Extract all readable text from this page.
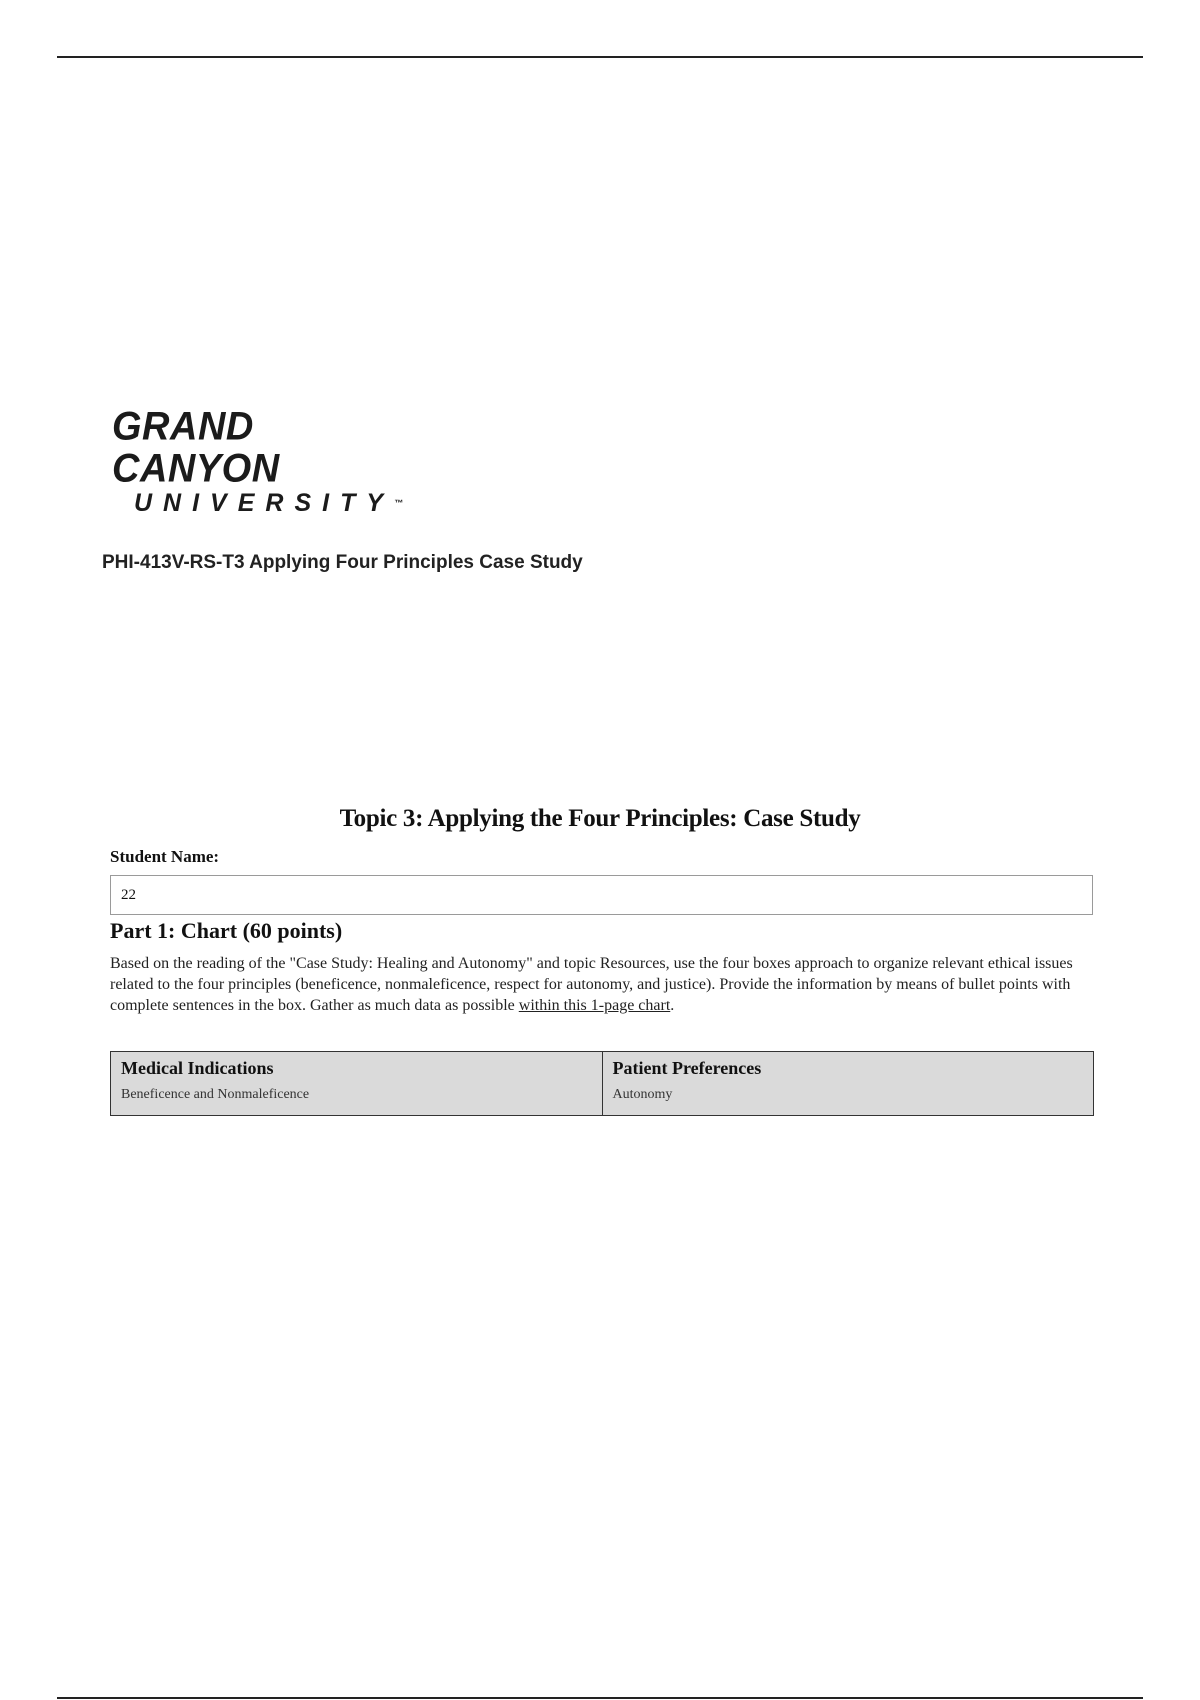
GRAND CANYON
UNIVERSITY™
PHI-413V-RS-T3 Applying Four Principles Case Study
Topic 3: Applying the Four Principles: Case Study
Student Name:
22
Part 1: Chart (60 points)
Based on the reading of the "Case Study: Healing and Autonomy" and topic Resources, use the four boxes approach to organize relevant ethical issues related to the four principles (beneficence, nonmaleficence, respect for autonomy, and justice). Provide the information by means of bullet points with complete sentences in the box. Gather as much data as possible within this 1-page chart.
Medical Indications
Beneficence and Nonmaleficence
Patient Preferences
Autonomy
